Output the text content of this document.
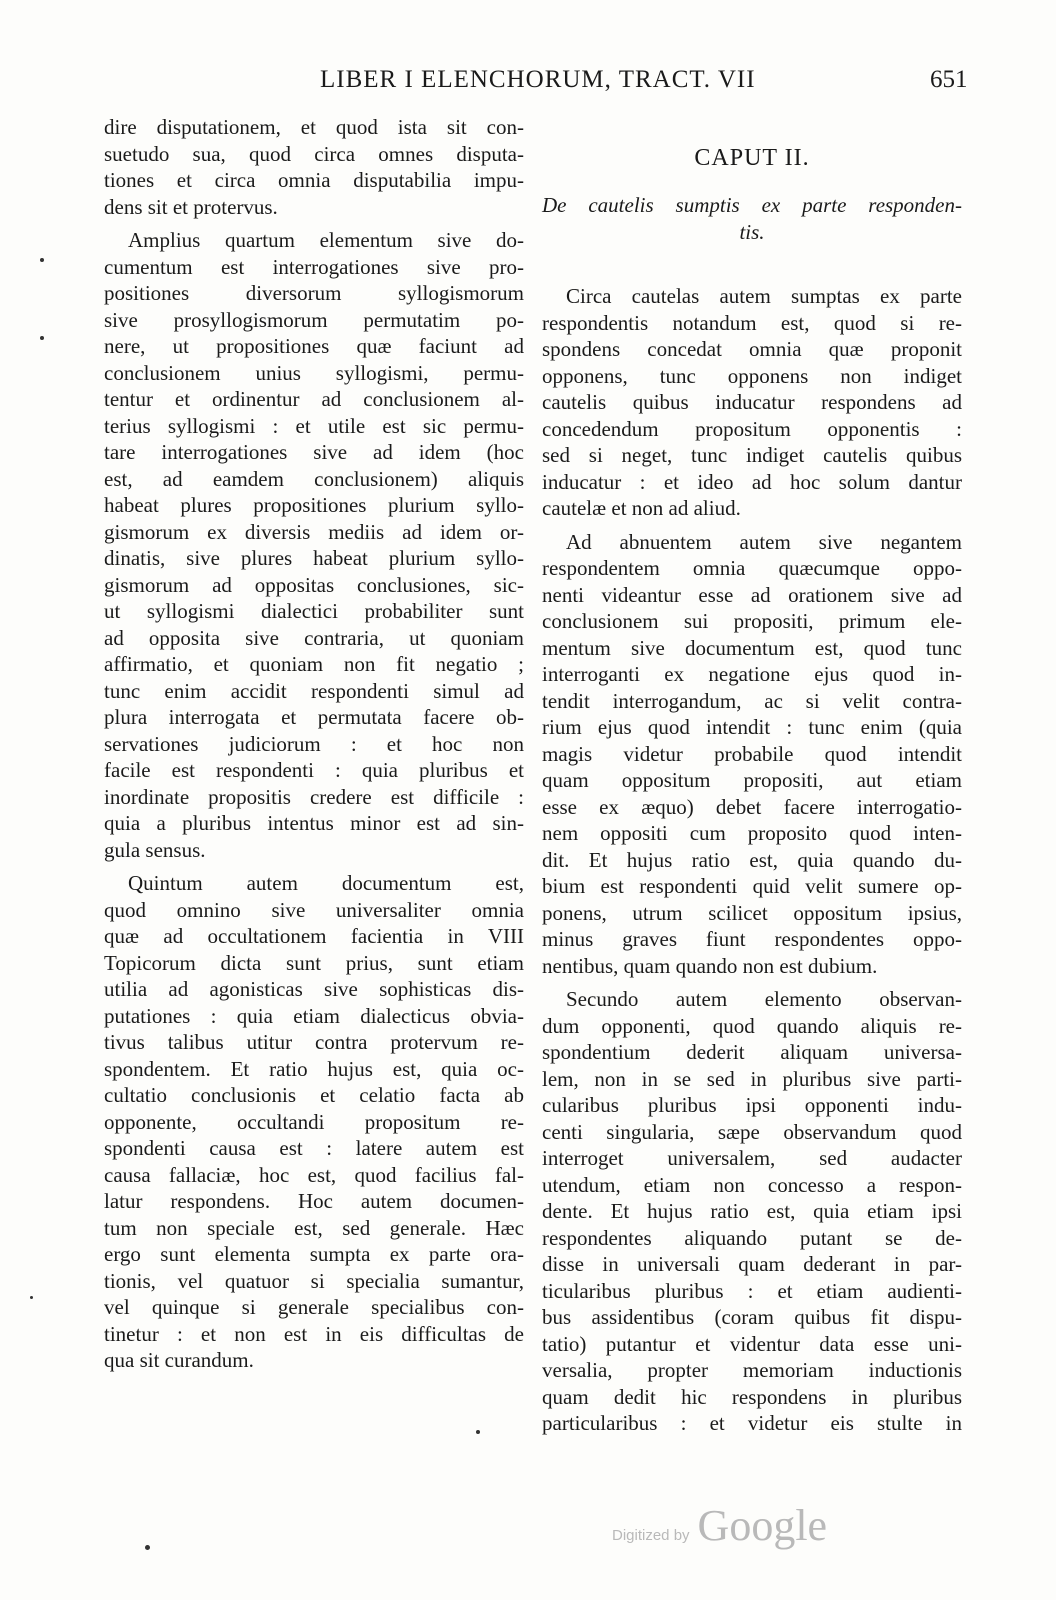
LIBER I ELENCHORUM, TRACT. VII	651
dire disputationem, et quod ista sit con-
suetudo sua, quod circa omnes disputa-
tiones et circa omnia disputabilia impu-
dens sit et protervus.
Amplius quartum elementum sive do-
cumentum est interrogationes sive pro-
positiones diversorum syllogismorum
sive prosyllogismorum permutatim po-
nere, ut propositiones quæ faciunt ad
conclusionem unius syllogismi, permu-
tentur et ordinentur ad conclusionem al-
terius syllogismi : et utile est sic permu-
tare interrogationes sive ad idem (hoc
est, ad eamdem conclusionem) aliquis
habeat plures propositiones plurium syllo-
gismorum ex diversis mediis ad idem or-
dinatis, sive plures habeat plurium syllo-
gismorum ad oppositas conclusiones, sic-
ut syllogismi dialectici probabiliter sunt
ad opposita sive contraria, ut quoniam
affirmatio, et quoniam non fit negatio ;
tunc enim accidit respondenti simul ad
plura interrogata et permutata facere ob-
servationes judiciorum : et hoc non
facile est respondenti : quia pluribus et
inordinate propositis credere est difficile :
quia a pluribus intentus minor est ad sin-
gula sensus.
Quintum autem documentum est,
quod omnino sive universaliter omnia
quæ ad occultationem facientia in VIII
Topicorum dicta sunt prius, sunt etiam
utilia ad agonisticas sive sophisticas dis-
putationes : quia etiam dialecticus obvia-
tivus talibus utitur contra protervum re-
spondentem. Et ratio hujus est, quia oc-
cultatio conclusionis et celatio facta ab
opponente, occultandi propositum re-
spondenti causa est : latere autem est
causa fallaciæ, hoc est, quod facilius fal-
latur respondens. Hoc autem documen-
tum non speciale est, sed generale. Hæc
ergo sunt elementa sumpta ex parte ora-
tionis, vel quatuor si specialia sumantur,
vel quinque si generale specialibus con-
tinetur : et non est in eis difficultas de
qua sit curandum.
CAPUT II.
De cautelis sumptis ex parte responden-
tis.
Circa cautelas autem sumptas ex parte
respondentis notandum est, quod si re-
spondens concedat omnia quæ proponit
opponens, tunc opponens non indiget
cautelis quibus inducatur respondens ad
concedendum propositum opponentis :
sed si neget, tunc indiget cautelis quibus
inducatur : et ideo ad hoc solum dantur
cautelæ et non ad aliud.
Ad abnuentem autem sive negantem
respondentem omnia quæcumque oppo-
nenti videantur esse ad orationem sive ad
conclusionem sui propositi, primum ele-
mentum sive documentum est, quod tunc
interroganti ex negatione ejus quod in-
tendit interrogandum, ac si velit contra-
rium ejus quod intendit : tunc enim (quia
magis videtur probabile quod intendit
quam oppositum propositi, aut etiam
esse ex æquo) debet facere interrogatio-
nem oppositi cum proposito quod inten-
dit. Et hujus ratio est, quia quando du-
bium est respondenti quid velit sumere op-
ponens, utrum scilicet oppositum ipsius,
minus graves fiunt respondentes oppo-
nentibus, quam quando non est dubium.
Secundo autem elemento observan-
dum opponenti, quod quando aliquis re-
spondentium dederit aliquam universa-
lem, non in se sed in pluribus sive parti-
cularibus pluribus ipsi opponenti indu-
centi singularia, sæpe observandum quod
interroget universalem, sed audacter
utendum, etiam non concesso a respon-
dente. Et hujus ratio est, quia etiam ipsi
respondentes aliquando putant se de-
disse in universali quam dederant in par-
ticularibus pluribus : et etiam audienti-
bus assidentibus (coram quibus fit dispu-
tatio) putantur et videntur data esse uni-
versalia, propter memoriam inductionis
quam dedit hic respondens in pluribus
particularibus : et videtur eis stulte in
Digitized by Google
